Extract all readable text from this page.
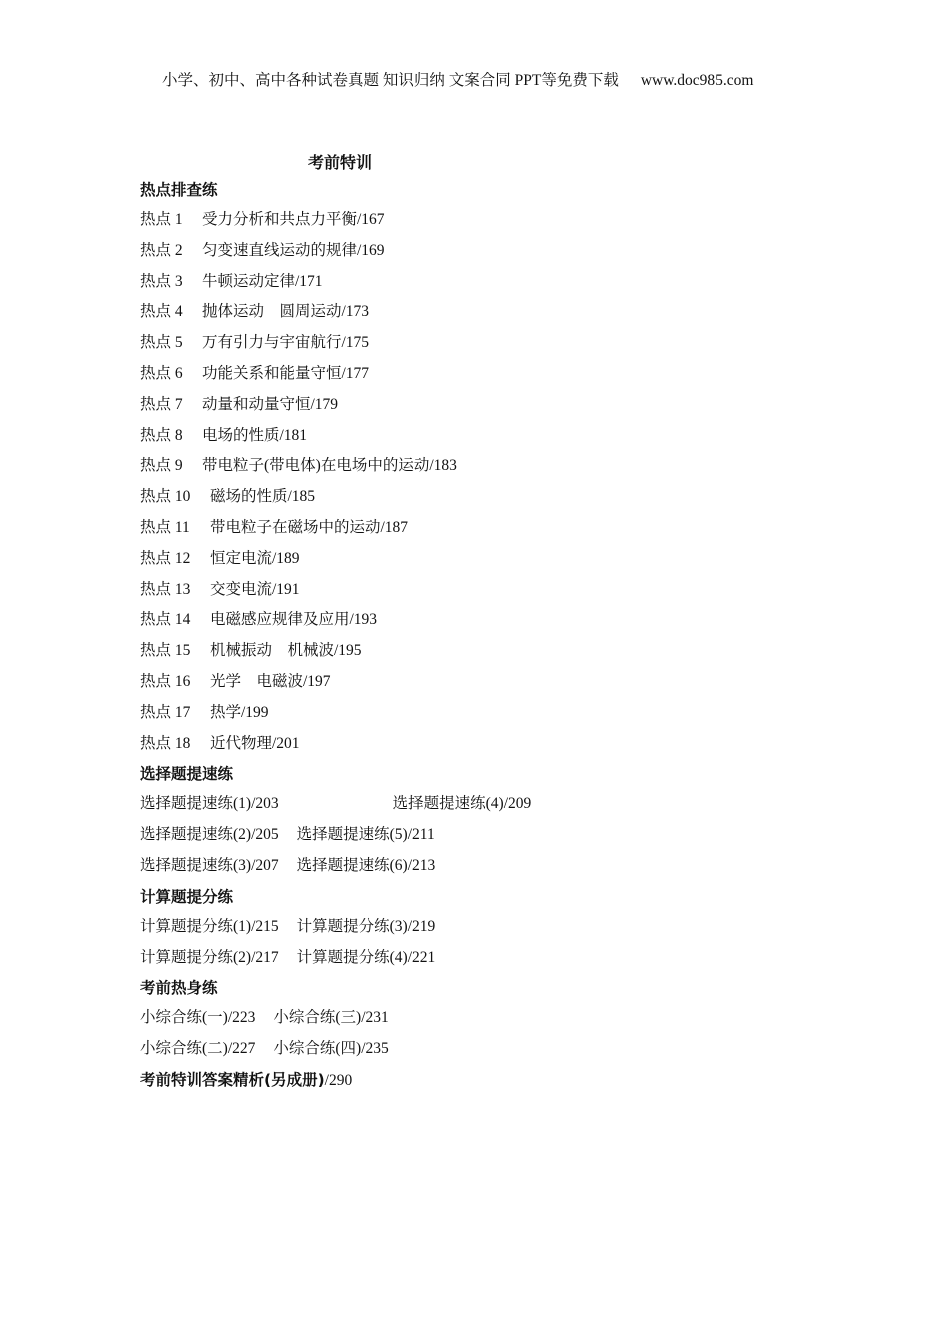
小学、初中、高中各种试卷真题 知识归纳 文案合同 PPT等免费下载 www.doc985.com
考前特训
热点排查练
热点 1 受力分析和共点力平衡/167
热点 2 匀变速直线运动的规律/169
热点 3 牛顿运动定律/171
热点 4 抛体运动　圆周运动/173
热点 5 万有引力与宇宙航行/175
热点 6 功能关系和能量守恒/177
热点 7 动量和动量守恒/179
热点 8 电场的性质/181
热点 9 带电粒子(带电体)在电场中的运动/183
热点 10 磁场的性质/185
热点 11 带电粒子在磁场中的运动/187
热点 12 恒定电流/189
热点 13 交变电流/191
热点 14 电磁感应规律及应用/193
热点 15 机械振动　机械波/195
热点 16 光学　电磁波/197
热点 17 热学/199
热点 18 近代物理/201
选择题提速练
选择题提速练(1)/203	选择题提速练(4)/209
选择题提速练(2)/205 选择题提速练(5)/211
选择题提速练(3)/207 选择题提速练(6)/213
计算题提分练
计算题提分练(1)/215 计算题提分练(3)/219
计算题提分练(2)/217 计算题提分练(4)/221
考前热身练
小综合练(一)/223 小综合练(三)/231
小综合练(二)/227 小综合练(四)/235
考前特训答案精析(另成册)/290
